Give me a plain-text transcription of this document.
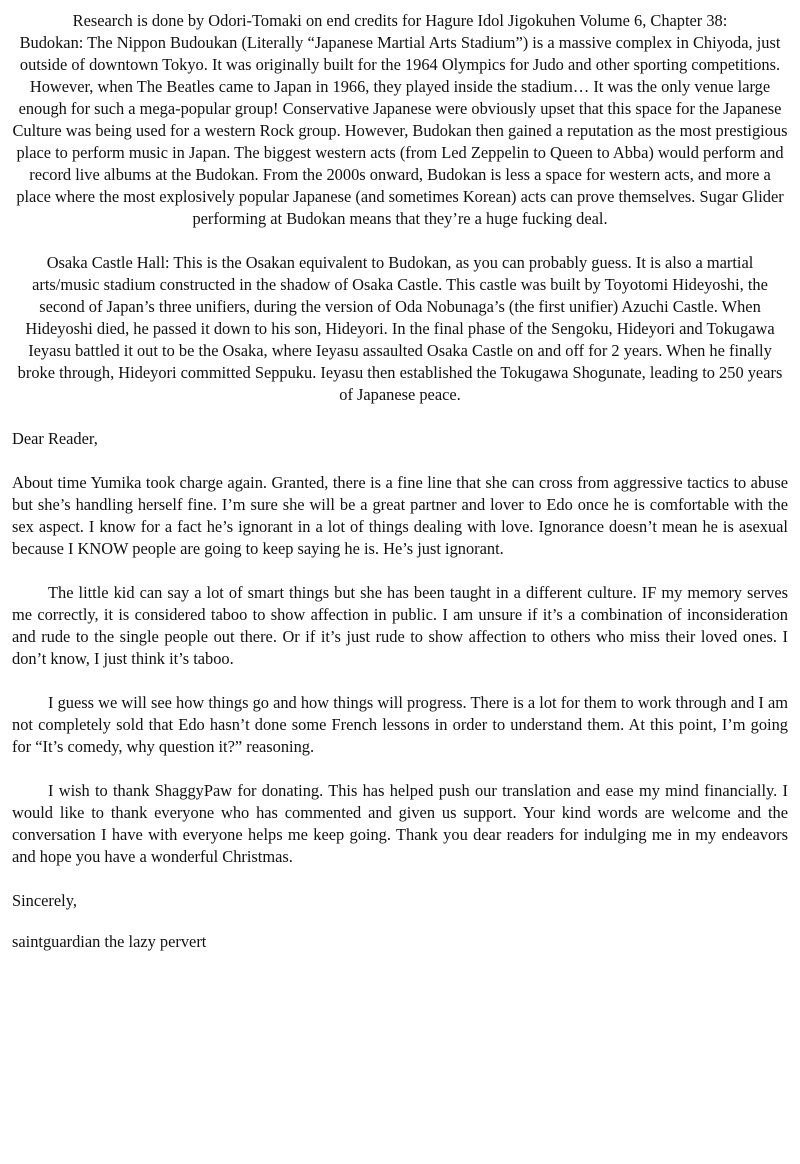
Research is done by Odori-Tomaki on end credits for Hagure Idol Jigokuhen Volume 6, Chapter 38:

Budokan: The Nippon Budoukan (Literally “Japanese Martial Arts Stadium”) is a massive complex in Chiyoda, just outside of downtown Tokyo. It was originally built for the 1964 Olympics for Judo and other sporting competitions. However, when The Beatles came to Japan in 1966, they played inside the stadium… It was the only venue large enough for such a mega-popular group! Conservative Japanese were obviously upset that this space for the Japanese Culture was being used for a western Rock group. However, Budokan then gained a reputation as the most prestigious place to perform music in Japan. The biggest western acts (from Led Zeppelin to Queen to Abba) would perform and record live albums at the Budokan. From the 2000s onward, Budokan is less a space for western acts, and more a place where the most explosively popular Japanese (and sometimes Korean) acts can prove themselves. Sugar Glider performing at Budokan means that they’re a huge fucking deal.

Osaka Castle Hall: This is the Osakan equivalent to Budokan, as you can probably guess. It is also a martial arts/music stadium constructed in the shadow of Osaka Castle. This castle was built by Toyotomi Hideyoshi, the second of Japan’s three unifiers, during the version of Oda Nobunaga’s (the first unifier) Azuchi Castle. When Hideyoshi died, he passed it down to his son, Hideyori. In the final phase of the Sengoku, Hideyori and Tokugawa Ieyasu battled it out to be the Osaka, where Ieyasu assaulted Osaka Castle on and off for 2 years. When he finally broke through, Hideyori committed Seppuku. Ieyasu then established the Tokugawa Shogunate, leading to 250 years of Japanese peace.

Dear Reader,

About time Yumika took charge again. Granted, there is a fine line that she can cross from aggressive tactics to abuse but she’s handling herself fine. I’m sure she will be a great partner and lover to Edo once he is comfortable with the sex aspect. I know for a fact he’s ignorant in a lot of things dealing with love. Ignorance doesn’t mean he is asexual because I KNOW people are going to keep saying he is. He’s just ignorant.

The little kid can say a lot of smart things but she has been taught in a different culture. IF my memory serves me correctly, it is considered taboo to show affection in public. I am unsure if it’s a combination of inconsideration and rude to the single people out there. Or if it’s just rude to show affection to others who miss their loved ones. I don’t know, I just think it’s taboo.

I guess we will see how things go and how things will progress. There is a lot for them to work through and I am not completely sold that Edo hasn’t done some French lessons in order to understand them. At this point, I’m going for “It’s comedy, why question it?” reasoning.

I wish to thank ShaggyPaw for donating. This has helped push our translation and ease my mind financially. I would like to thank everyone who has commented and given us support. Your kind words are welcome and the conversation I have with everyone helps me keep going. Thank you dear readers for indulging me in my endeavors and hope you have a wonderful Christmas.

Sincerely,

saintguardian the lazy pervert
